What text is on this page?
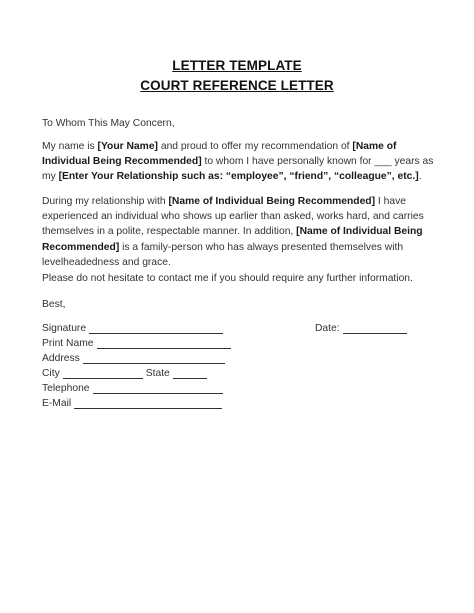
LETTER TEMPLATE
COURT REFERENCE LETTER
To Whom This May Concern,
My name is [Your Name] and proud to offer my recommendation of [Name of Individual Being Recommended] to whom I have personally known for ___ years as my [Enter Your Relationship such as: “employee”, “friend”, “colleague”, etc.].
During my relationship with [Name of Individual Being Recommended] I have experienced an individual who shows up earlier than asked, works hard, and carries themselves in a polite, respectable manner. In addition, [Name of Individual Being Recommended] is a family-person who has always presented themselves with levelheadedness and grace.
Please do not hesitate to contact me if you should require any further information.
Best,
Signature	Date:
Print Name
Address
City	State
Telephone
E-Mail
